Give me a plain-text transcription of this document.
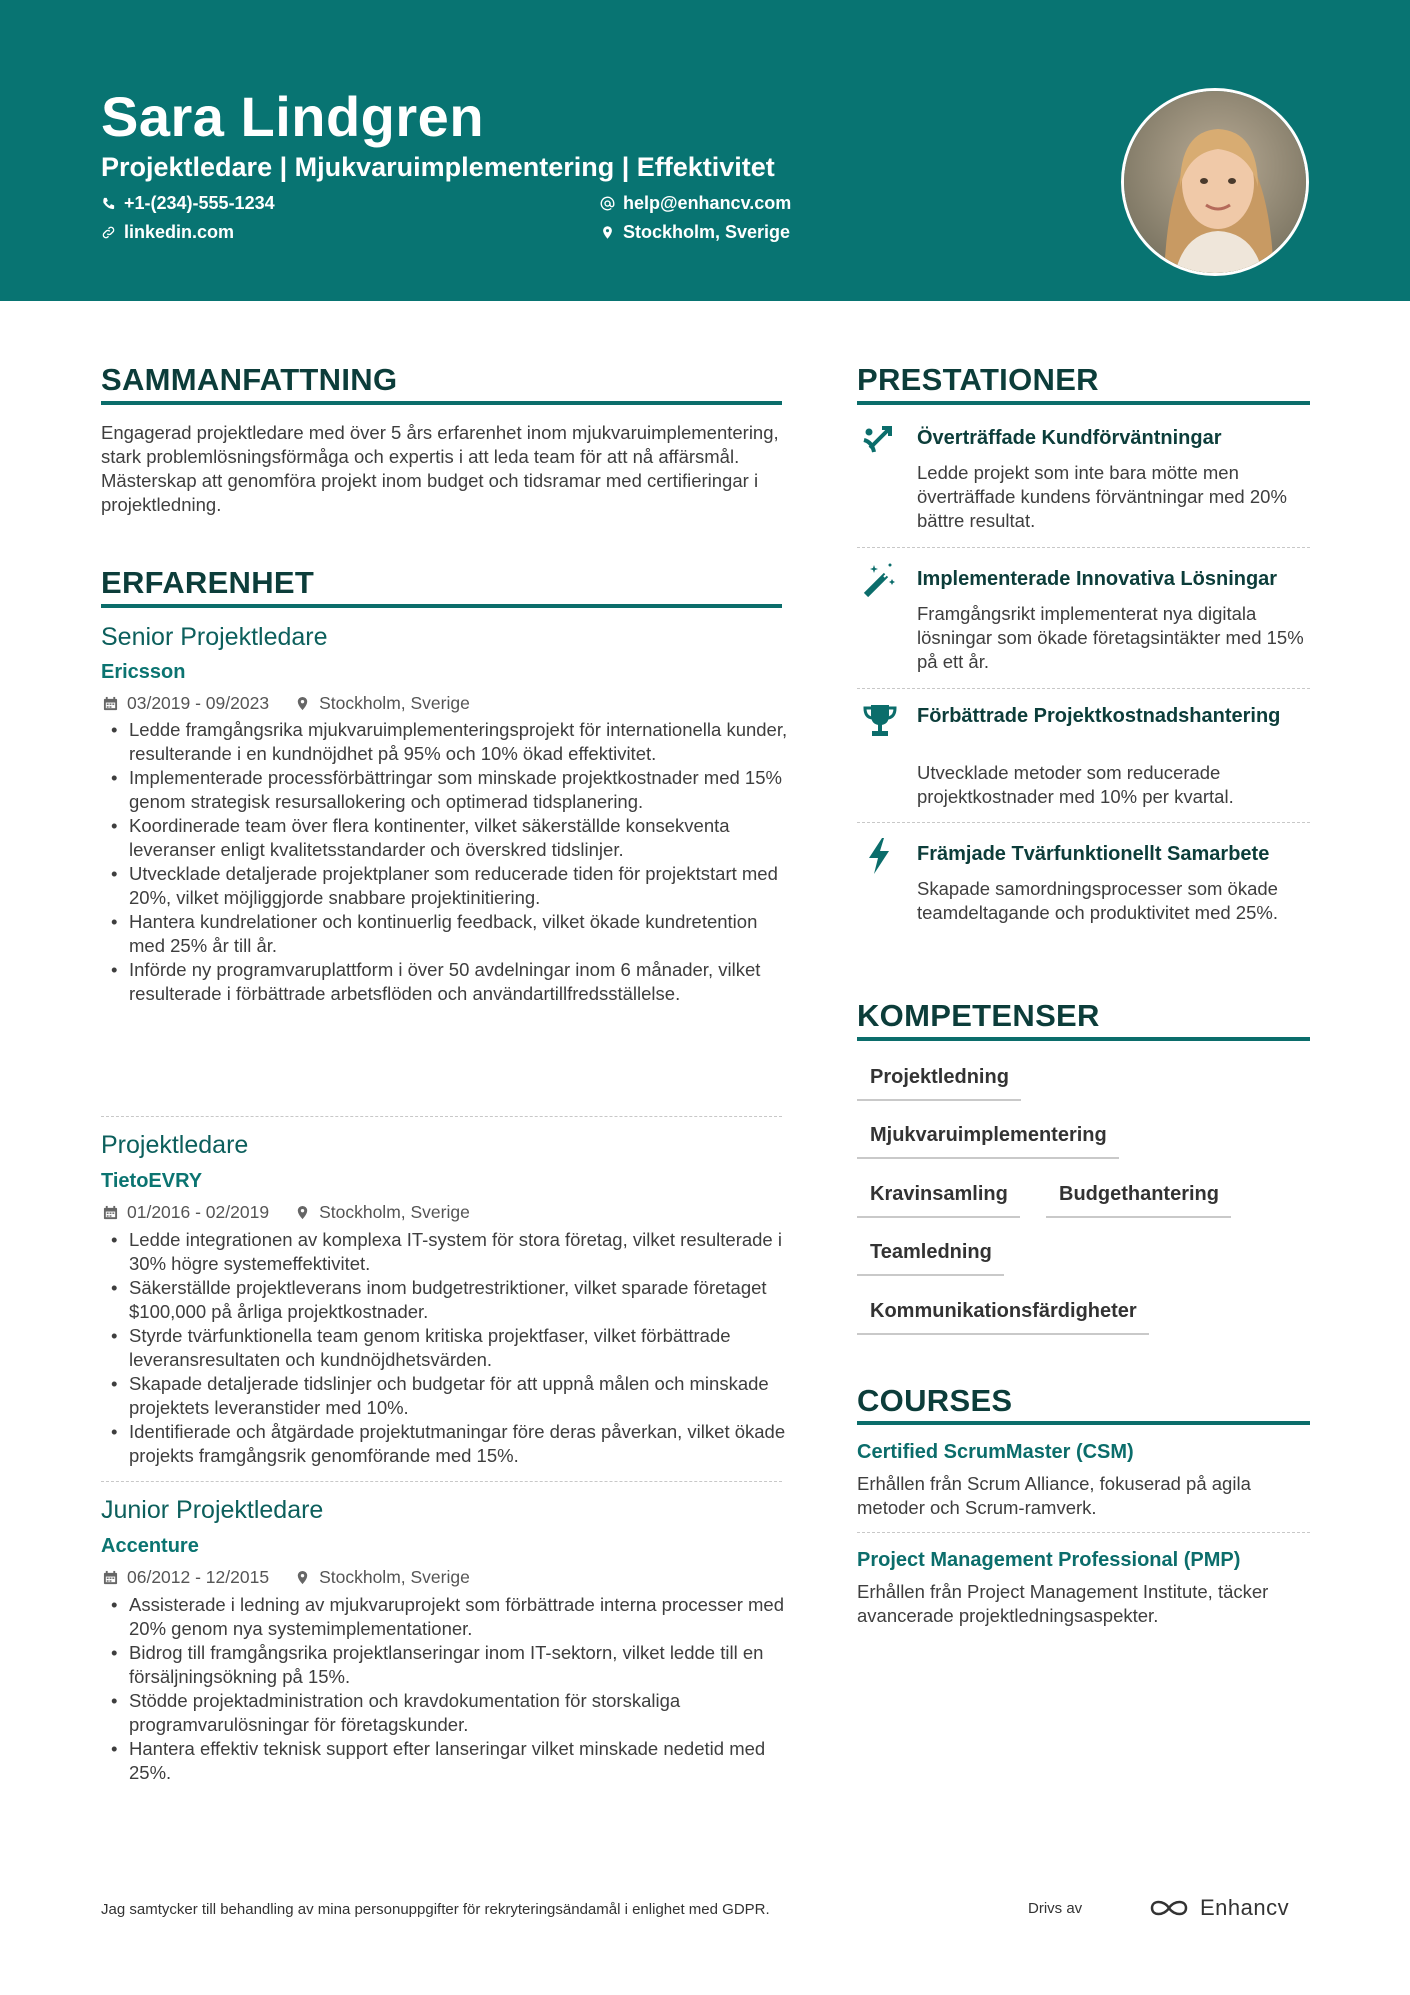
Sara Lindgren
Projektledare | Mjukvaruimplementering | Effektivitet
+1-(234)-555-1234	help@enhancv.com
linkedin.com	Stockholm, Sverige
SAMMANFATTNING
Engagerad projektledare med över 5 års erfarenhet inom mjukvaruimplementering, stark problemlösningsförmåga och expertis i att leda team för att nå affärsmål. Mästerskap att genomföra projekt inom budget och tidsramar med certifieringar i projektledning.
ERFARENHET
Senior Projektledare
Ericsson
03/2019 - 09/2023	Stockholm, Sverige
• Ledde framgångsrika mjukvaruimplementeringsprojekt för internationella kunder, resulterande i en kundnöjdhet på 95% och 10% ökad effektivitet.
• Implementerade processförbättringar som minskade projektkostnader med 15% genom strategisk resursallokering och optimerad tidsplanering.
• Koordinerade team över flera kontinenter, vilket säkerställde konsekventa leveranser enligt kvalitetsstandarder och överskred tidslinjer.
• Utvecklade detaljerade projektplaner som reducerade tiden för projektstart med 20%, vilket möjliggjorde snabbare projektinitiering.
• Hantera kundrelationer och kontinuerlig feedback, vilket ökade kundretention med 25% år till år.
• Införde ny programvaruplattform i över 50 avdelningar inom 6 månader, vilket resulterade i förbättrade arbetsflöden och användartillfredsställelse.
Projektledare
TietoEVRY
01/2016 - 02/2019	Stockholm, Sverige
• Ledde integrationen av komplexa IT-system för stora företag, vilket resulterade i 30% högre systemeffektivitet.
• Säkerställde projektleverans inom budgetrestriktioner, vilket sparade företaget $100,000 på årliga projektkostnader.
• Styrde tvärfunktionella team genom kritiska projektfaser, vilket förbättrade leveransresultaten och kundnöjdhetsvärden.
• Skapade detaljerade tidslinjer och budgetar för att uppnå målen och minskade projektets leveranstider med 10%.
• Identifierade och åtgärdade projektutmaningar före deras påverkan, vilket ökade projekts framgångsrik genomförande med 15%.
Junior Projektledare
Accenture
06/2012 - 12/2015	Stockholm, Sverige
• Assisterade i ledning av mjukvaruprojekt som förbättrade interna processer med 20% genom nya systemimplementationer.
• Bidrog till framgångsrika projektlanseringar inom IT-sektorn, vilket ledde till en försäljningsökning på 15%.
• Stödde projektadministration och kravdokumentation för storskaliga programvarulösningar för företagskunder.
• Hantera effektiv teknisk support efter lanseringar vilket minskade nedetid med 25%.
PRESTATIONER
Överträffade Kundförväntningar
Ledde projekt som inte bara mötte men överträffade kundens förväntningar med 20% bättre resultat.
Implementerade Innovativa Lösningar
Framgångsrikt implementerat nya digitala lösningar som ökade företagsintäkter med 15% på ett år.
Förbättrade Projektkostnadshantering
Utvecklade metoder som reducerade projektkostnader med 10% per kvartal.
Främjade Tvärfunktionellt Samarbete
Skapade samordningsprocesser som ökade teamdeltagande och produktivitet med 25%.
KOMPETENSER
Projektledning
Mjukvaruimplementering
Kravinsamling	Budgethantering
Teamledning
Kommunikationsfärdigheter
COURSES
Certified ScrumMaster (CSM)
Erhållen från Scrum Alliance, fokuserad på agila metoder och Scrum-ramverk.
Project Management Professional (PMP)
Erhållen från Project Management Institute, täcker avancerade projektledningsaspekter.
Jag samtycker till behandling av mina personuppgifter för rekryteringsändamål i enlighet med GDPR.	Drivs av	Enhancv
